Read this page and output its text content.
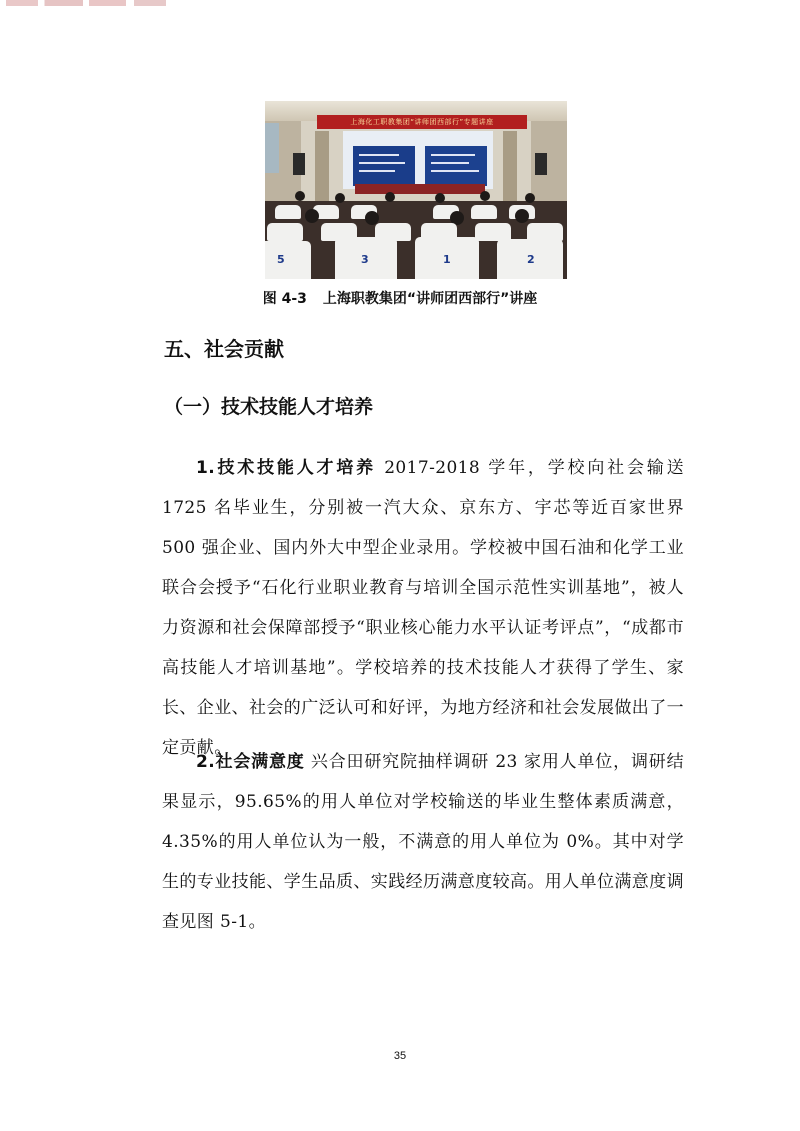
上海化工职教集团“讲师团西部行”专题讲座
5	3	1	2
图 4-3 上海职教集团“讲师团西部行”讲座
五、社会贡献
（一）技术技能人才培养

1.技术技能人才培养 2017-2018 学年，学校向社会输送 1725 名毕业生，分别被一汽大众、京东方、宇芯等近百家世界 500 强企业、国内外大中型企业录用。学校被中国石油和化学工业联合会授予“石化行业职业教育与培训全国示范性实训基地”，被人力资源和社会保障部授予“职业核心能力水平认证考评点”，“成都市高技能人才培训基地”。学校培养的技术技能人才获得了学生、家长、企业、社会的广泛认可和好评，为地方经济和社会发展做出了一定贡献。

2.社会满意度 兴合田研究院抽样调研 23 家用人单位，调研结果显示，95.65%的用人单位对学校输送的毕业生整体素质满意，4.35%的用人单位认为一般，不满意的用人单位为 0%。其中对学生的专业技能、学生品质、实践经历满意度较高。用人单位满意度调查见图 5-1。

35
